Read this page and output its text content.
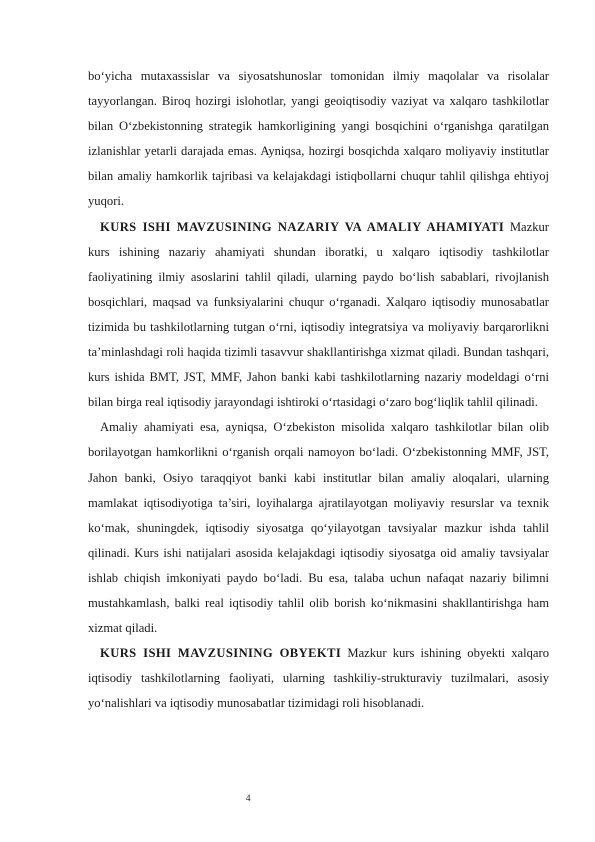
bo‘yicha mutaxassislar va siyosatshunoslar tomonidan ilmiy maqolalar va risolalar tayyorlangan. Biroq hozirgi islohotlar, yangi geoiqtisodiy vaziyat va xalqaro tashkilotlar bilan O‘zbekistonning strategik hamkorligining yangi bosqichini o‘rganishga qaratilgan izlanishlar yetarli darajada emas. Ayniqsa, hozirgi bosqichda xalqaro moliyaviy institutlar bilan amaliy hamkorlik tajribasi va kelajakdagi istiqbollarni chuqur tahlil qilishga ehtiyoj yuqori.

KURS ISHI MAVZUSINING NAZARIY VA AMALIY AHAMIYATI Mazkur kurs ishining nazariy ahamiyati shundan iboratki, u xalqaro iqtisodiy tashkilotlar faoliyatining ilmiy asoslarini tahlil qiladi, ularning paydo bo‘lish sabablari, rivojlanish bosqichlari, maqsad va funksiyalarini chuqur o‘rganadi. Xalqaro iqtisodiy munosabatlar tizimida bu tashkilotlarning tutgan o‘rni, iqtisodiy integratsiya va moliyaviy barqarorlikni ta’minlashdagi roli haqida tizimli tasavvur shakllantirishga xizmat qiladi. Bundan tashqari, kurs ishida BMT, JST, MMF, Jahon banki kabi tashkilotlarning nazariy modeldagi o‘rni bilan birga real iqtisodiy jarayondagi ishtiroki o‘rtasidagi o‘zaro bog‘liqlik tahlil qilinadi.

Amaliy ahamiyati esa, ayniqsa, O‘zbekiston misolida xalqaro tashkilotlar bilan olib borilayotgan hamkorlikni o‘rganish orqali namoyon bo‘ladi. O‘zbekistonning MMF, JST, Jahon banki, Osiyo taraqqiyot banki kabi institutlar bilan amaliy aloqalari, ularning mamlakat iqtisodiyotiga ta’siri, loyihalarga ajratilayotgan moliyaviy resurslar va texnik ko‘mak, shuningdek, iqtisodiy siyosatga qo‘yilayotgan tavsiyalar mazkur ishda tahlil qilinadi. Kurs ishi natijalari asosida kelajakdagi iqtisodiy siyosatga oid amaliy tavsiyalar ishlab chiqish imkoniyati paydo bo‘ladi. Bu esa, talaba uchun nafaqat nazariy bilimni mustahkamlash, balki real iqtisodiy tahlil olib borish ko‘nikmasini shakllantirishga ham xizmat qiladi.

KURS ISHI MAVZUSINING OBYEKTI Mazkur kurs ishining obyekti xalqaro iqtisodiy tashkilotlarning faoliyati, ularning tashkiliy-strukturaviy tuzilmalari, asosiy yo‘nalishlari va iqtisodiy munosabatlar tizimidagi roli hisoblanadi.

4
